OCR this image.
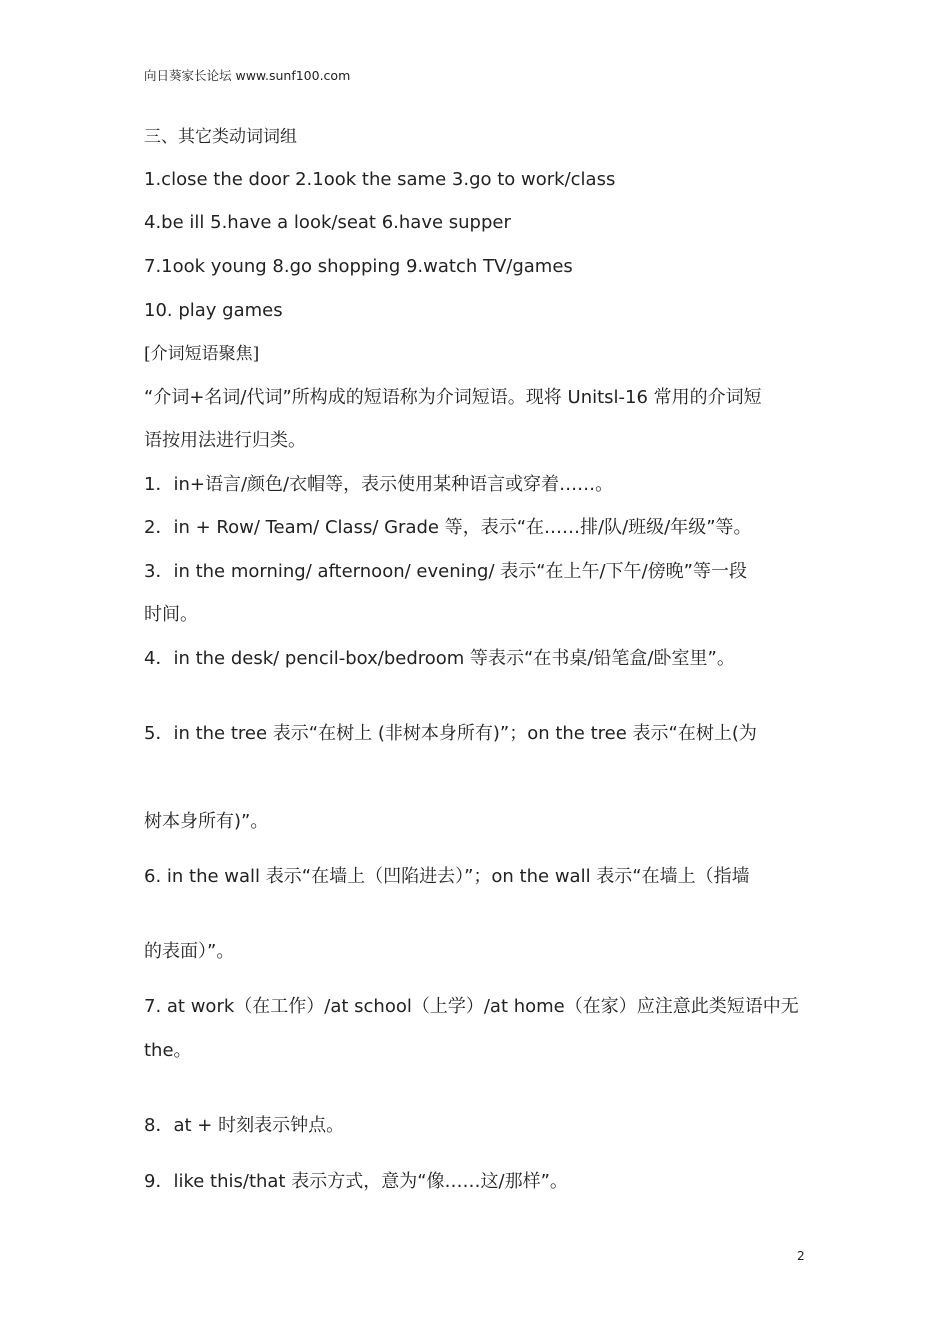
向日葵家长论坛 www.sunf100.com
三、其它类动词词组
1.close the door 2.1ook the same 3.go to work/class
4.be ill 5.have a look/seat 6.have supper
7.1ook young 8.go shopping 9.watch TV/games
10. play games
[介词短语聚焦]
“介词+名词/代词”所构成的短语称为介词短语。现将 Unitsl-16 常用的介词短
语按用法进行归类。
1．in+语言/颜色/衣帽等，表示使用某种语言或穿着……。
2．in + Row/ Team/ Class/ Grade 等，表示“在……排/队/班级/年级”等。
3．in the morning/ afternoon/ evening/ 表示“在上午/下午/傍晚”等一段
时间。
4．in the desk/ pencil-box/bedroom 等表示“在书桌/铅笔盒/卧室里”。
5．in the tree 表示“在树上 (非树本身所有)”；on the tree 表示“在树上(为
树本身所有)”。
6. in the wall 表示“在墙上（凹陷进去）”；on the wall 表示“在墙上（指墙
的表面）”。
7. at work（在工作）/at school（上学）/at home（在家）应注意此类短语中无
the。
8．at + 时刻表示钟点。
9．like this/that 表示方式，意为“像……这/那样”。
2
